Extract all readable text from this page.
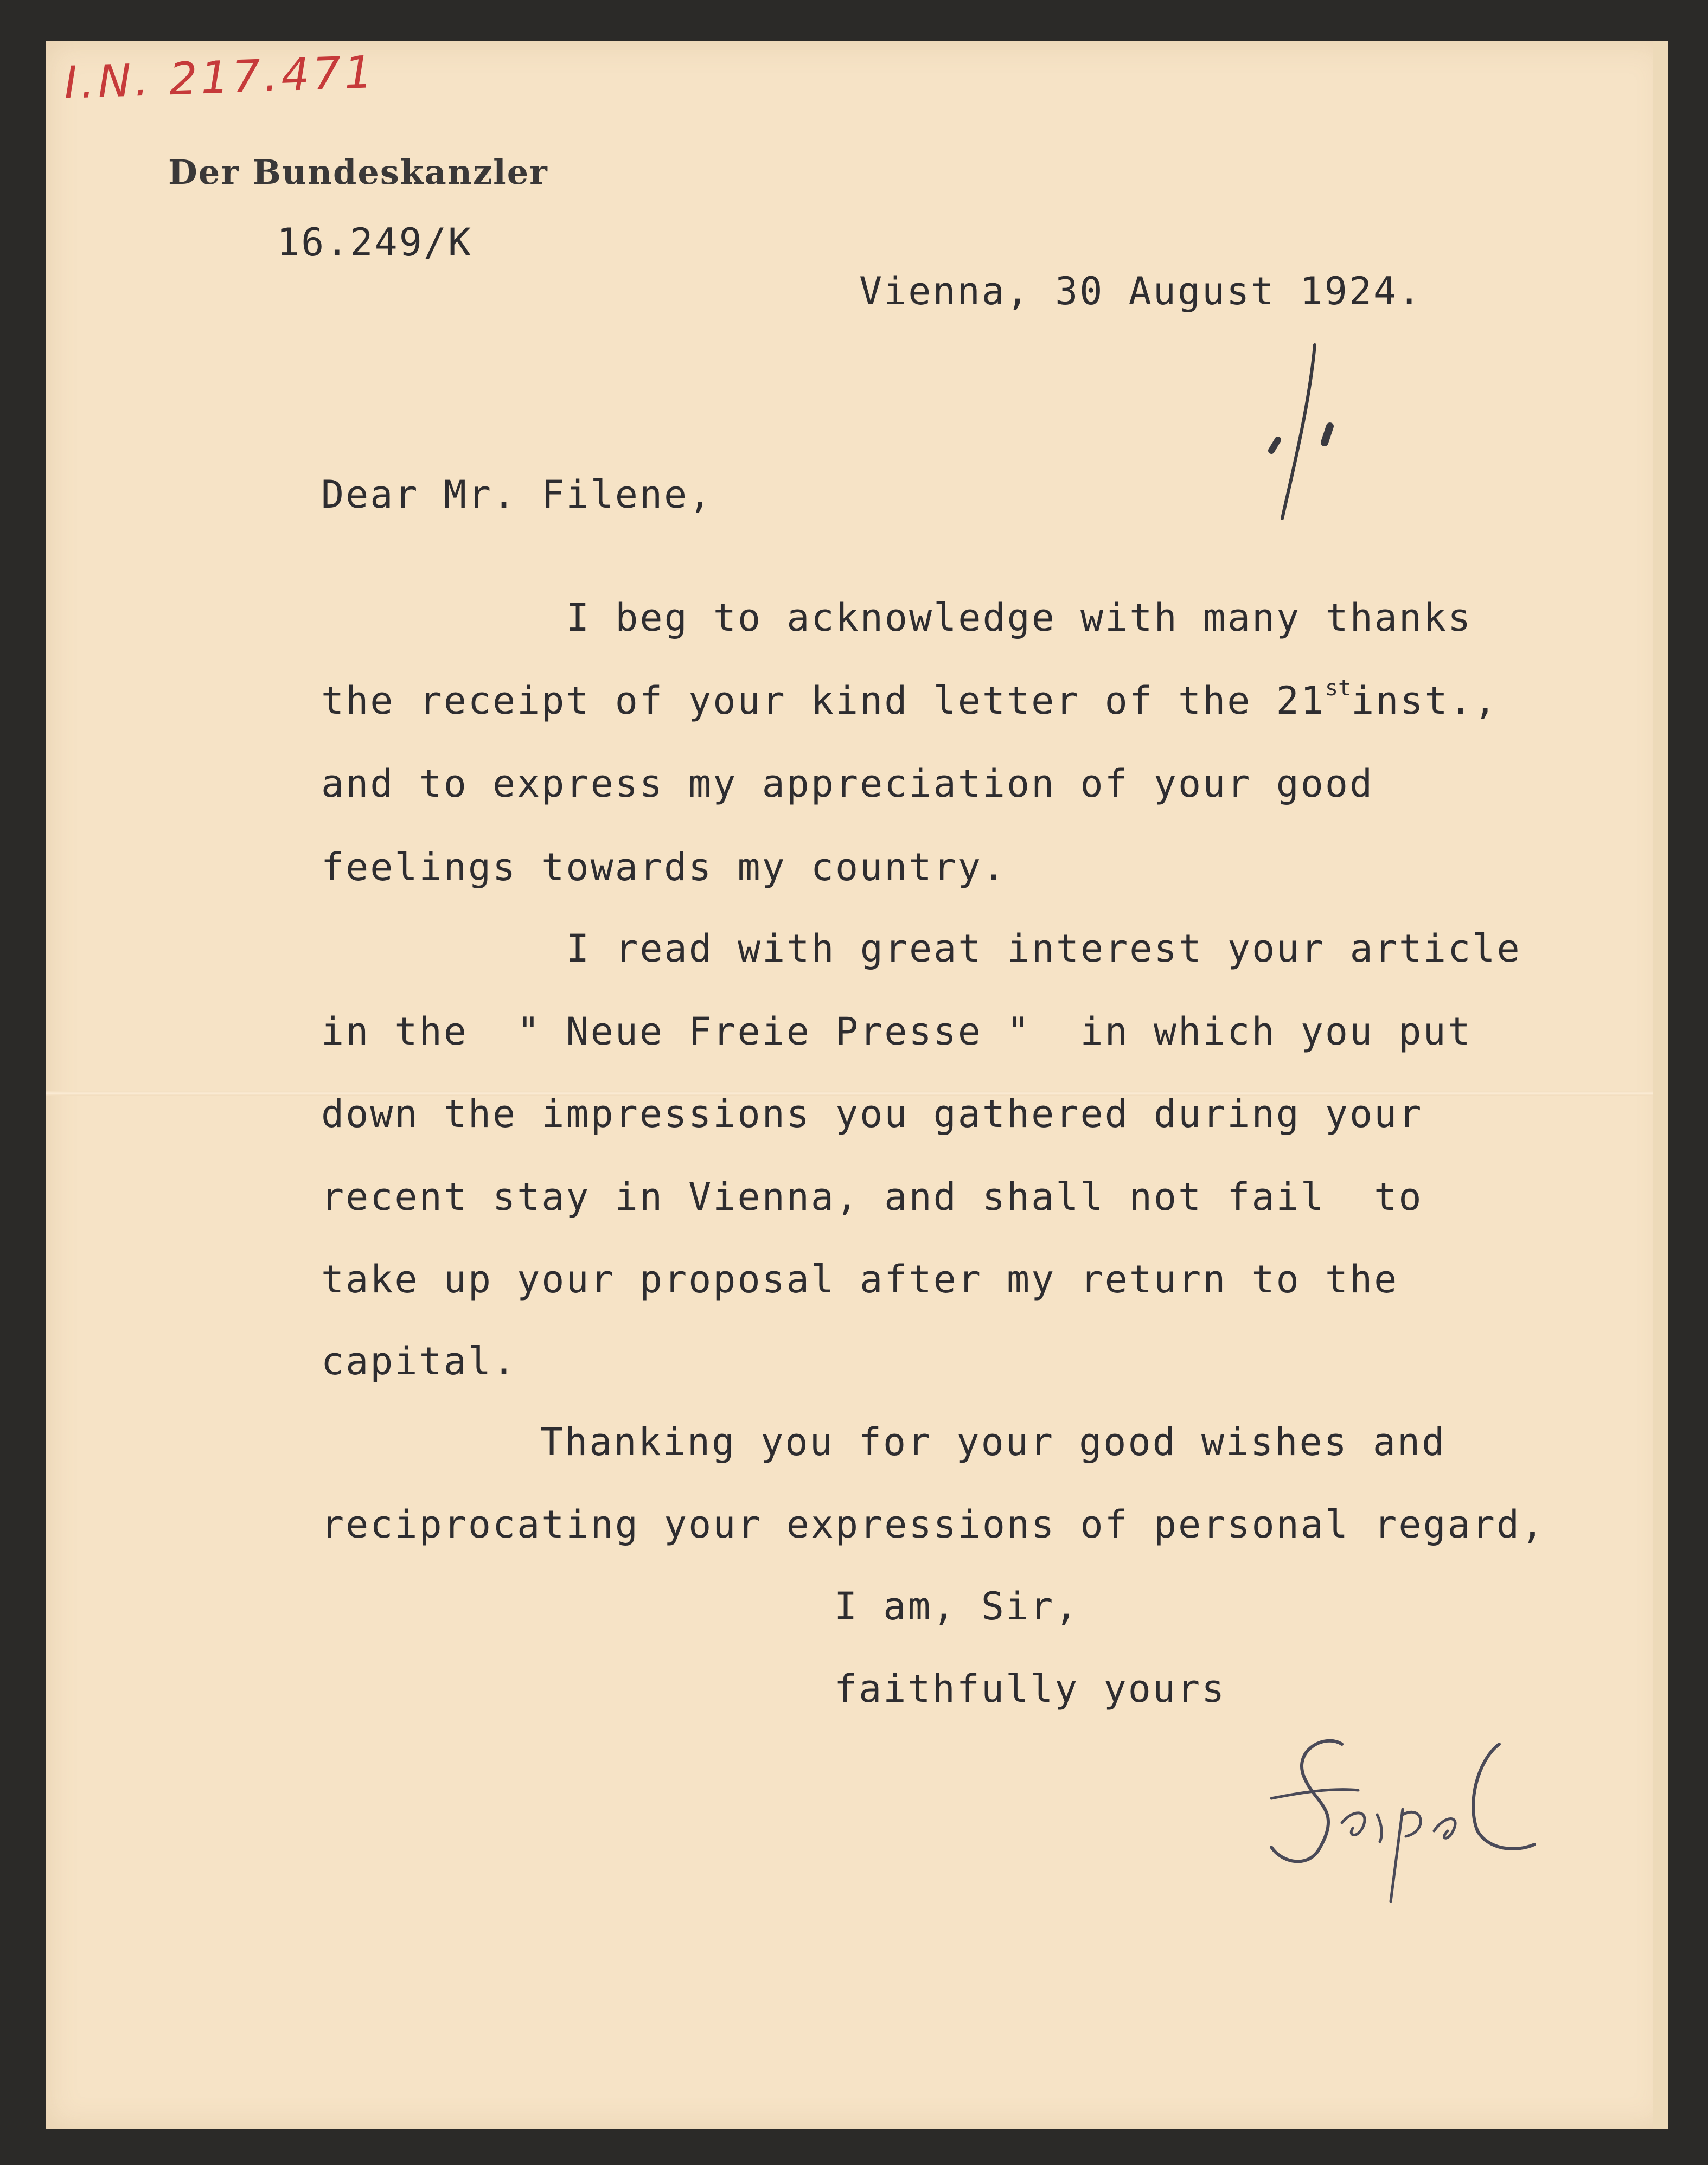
I.N. 217.471
Der Bundeskanzler
16.249/K
Vienna, 30 August 1924.
Dear Mr. Filene,
I beg to acknowledge with many thanks
the receipt of your kind letter of the 21stinst.,
and to express my appreciation of your good
feelings towards my country.
I read with great interest your article
in the  " Neue Freie Presse "  in which you put
down the impressions you gathered during your
recent stay in Vienna, and shall not fail  to
take up your proposal after my return to the
capital.
Thanking you for your good wishes and
reciprocating your expressions of personal regard,
I am, Sir,
faithfully yours
